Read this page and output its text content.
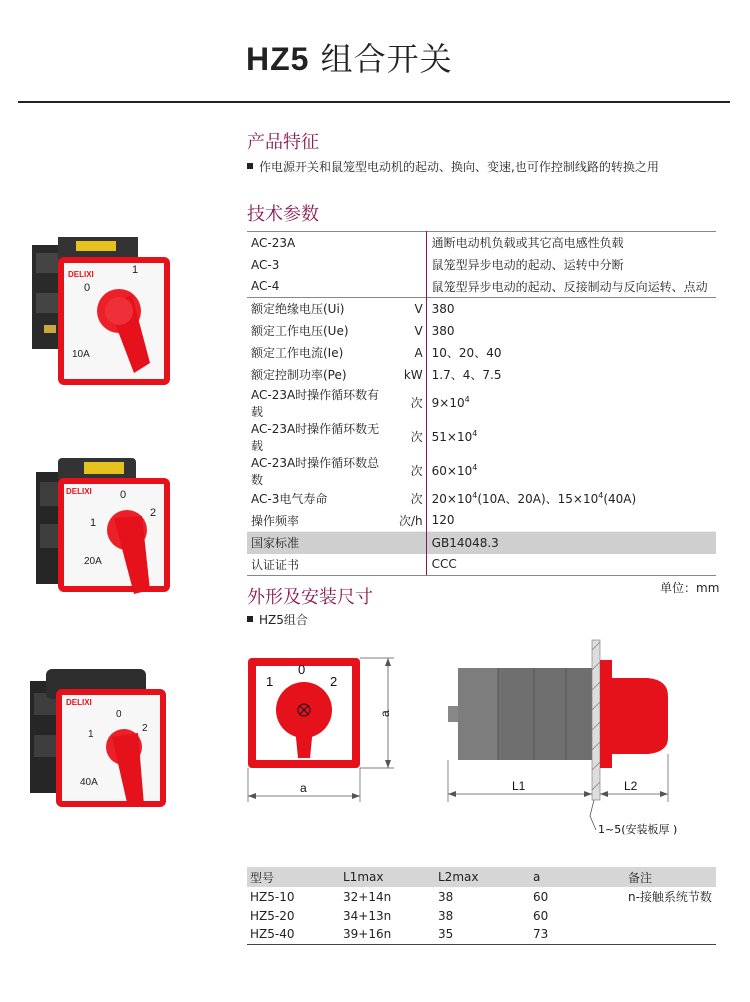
HZ5 组合开关
产品特征
作电源开关和鼠笼型电动机的起动、换向、变速,也可作控制线路的转换之用
技术参数
AC-23A		通断电动机负载或其它高电感性负载
AC-3		鼠笼型异步电动的起动、运转中分断
AC-4		鼠笼型异步电动的起动、反接制动与反向运转、点动
额定绝缘电压(Ui)	V	380
额定工作电压(Ue)	V	380
额定工作电流(Ie)	A	10、20、40
额定控制功率(Pe)	kW	1.7、4、7.5
AC-23A时操作循环数有载	次	$9\times 10^4$
AC-23A时操作循环数无载	次	$51\times 10^4$
AC-23A时操作循环数总数	次	$60\times 10^4$
AC-3电气寿命	次	$20\times 10^4(10A$、20A)、$15\times 10^4(40A)$
操作频率	次/h	120
国家标准		GB14048.3
认证证书		CCC
外形及安装尺寸	单位：mm
HZ5组合
DELIXI
0
1
10A
DELIXI
1
0
2
20A
DELIXI
1
0
2
40A
1
0
2
a
a	L1	L2
1~5(安装板厚 )
型号	L1max	L2max	a	备注
HZ5-10	32+14n	38	60	n-接触系统节数
HZ5-20	34+13n	38	60	
HZ5-40	39+16n	35	73	
